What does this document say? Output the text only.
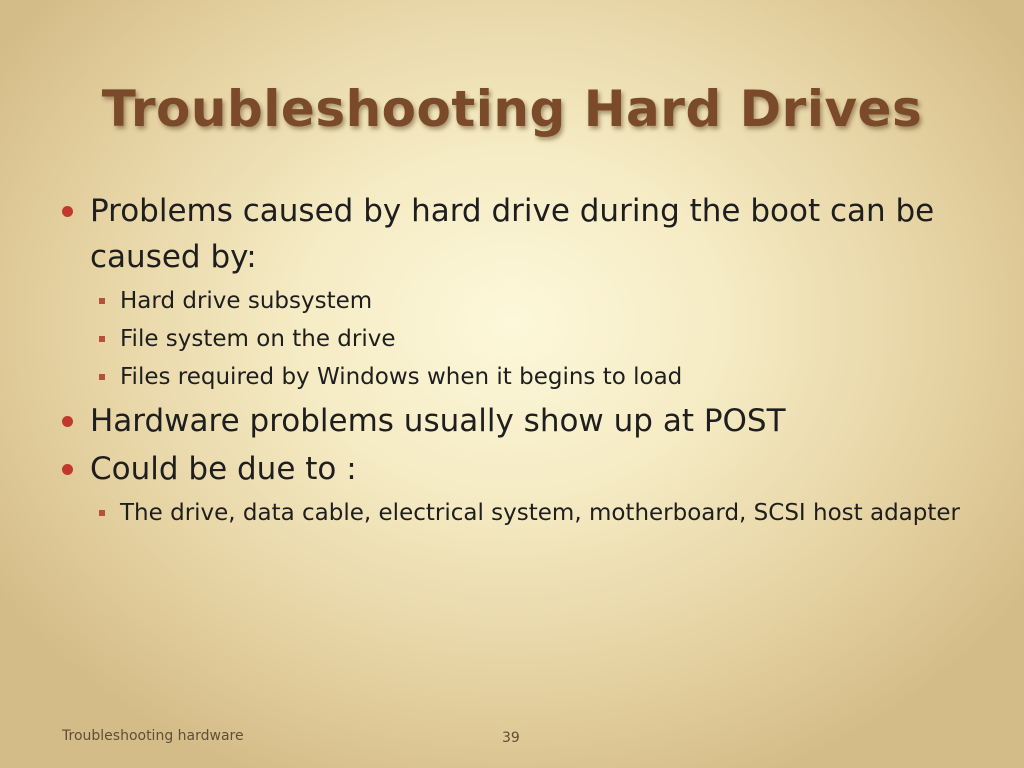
Troubleshooting Hard Drives
Problems caused by hard drive during the boot can be caused by:
Hard drive subsystem
File system on the drive
Files required by Windows when it begins to load
Hardware problems usually show up at POST
Could be due to :
The drive, data cable, electrical system, motherboard, SCSI host adapter
Troubleshooting hardware	39
